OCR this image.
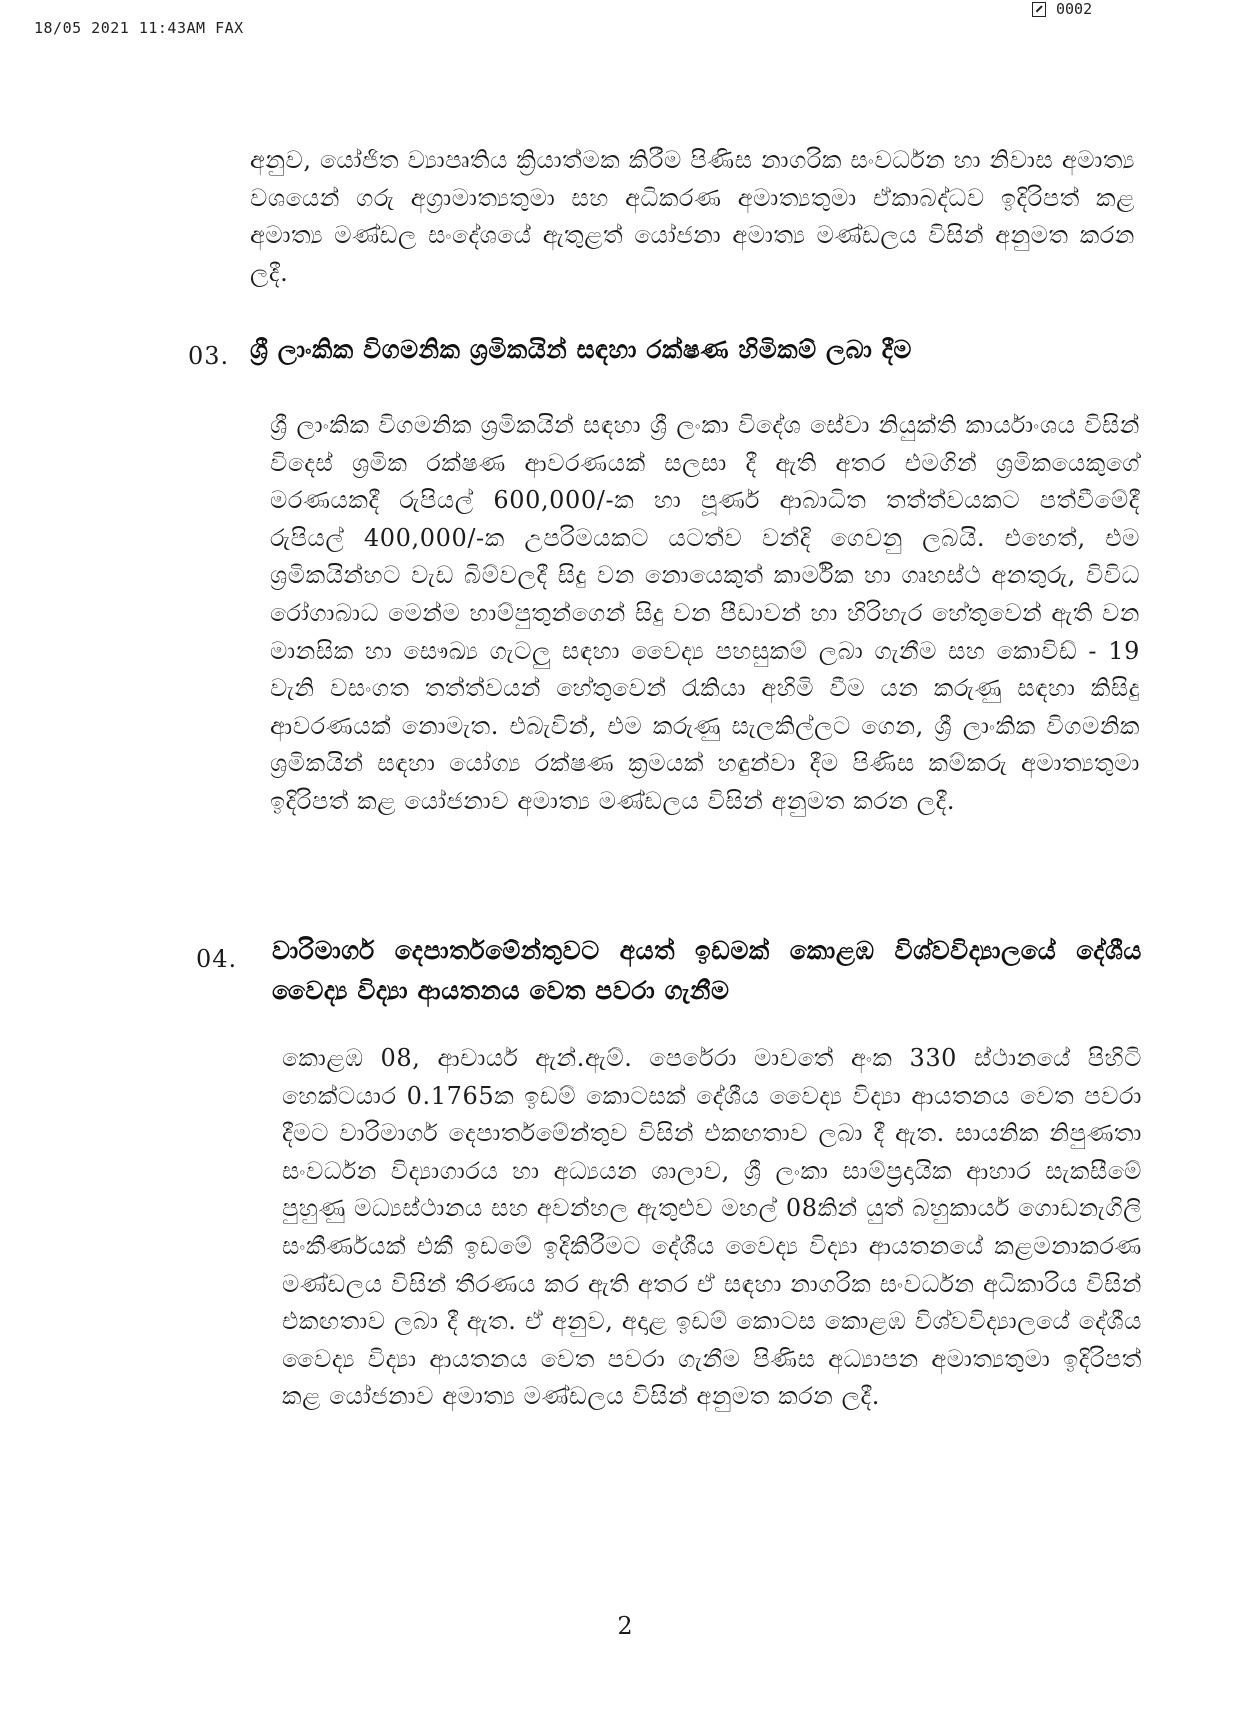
18/05 2021 11:43AM FAX
0002
අනුව, යෝජිත ව්‍යාපෘතිය ක්‍රියාත්මක කිරීම පිණිස නාගරික සංවර්ධන හා නිවාස අමාත්‍ය වශයෙන් ගරු අග්‍රාමාත්‍යතුමා සහ අධිකරණ අමාත්‍යතුමා ඒකාබද්ධව ඉදිරිපත් කළ අමාත්‍ය මණ්ඩල සංදේශයේ ඇතුළත් යෝජනා අමාත්‍ය මණ්ඩලය විසින් අනුමත කරන ලදී.
03. ශ්‍රී ලාංකික විගමනික ශ්‍රමිකයින් සඳහා රක්ෂණ හිමිකම් ලබා දීම
ශ්‍රී ලාංකික විගමනික ශ්‍රමිකයින් සඳහා ශ්‍රී ලංකා විදේශ සේවා නියුක්ති කාර්යාංශය විසින් විදෙස් ශ්‍රමික රක්ෂණ ආවරණයක් සලසා දී ඇති අතර එමගින් ශ්‍රමිකයෙකුගේ මරණයකදී රුපියල් 600,000/-ක හා පූර්ණ ආබාධිත තත්ත්වයකට පත්වීමේදී රුපියල් 400,000/-ක උපරිමයකට යටත්ව වන්දි ගෙවනු ලබයි. එහෙත්, එම ශ්‍රමිකයින්හට වැඩ බිම්වලදී සිදු වන නොයෙකුත් කාර්මික හා ගෘහස්ථ අනතුරු, විවිධ රෝගාබාධ මෙන්ම හාම්පුතුන්ගෙන් සිදු වන පීඩාවන් හා හිරිහැර හේතුවෙන් ඇති වන මානසික හා සෞඛ්‍ය ගැටලු සඳහා වෛද්‍ය පහසුකම් ලබා ගැනීම සහ කොවිඩ් - 19 වැනි වසංගත තත්ත්වයන් හේතුවෙන් රැකියා අහිමි වීම යන කරුණු සඳහා කිසිදු ආවරණයක් නොමැත. එබැවින්, එම කරුණු සැලකිල්ලට ගෙන, ශ්‍රී ලාංකික විගමනික ශ්‍රමිකයින් සඳහා යෝග්‍ය රක්ෂණ ක්‍රමයක් හඳුන්වා දීම පිණිස කම්කරු අමාත්‍යතුමා ඉදිරිපත් කළ යෝජනාව අමාත්‍ය මණ්ඩලය විසින් අනුමත කරන ලදී.
04. වාරිමාර්ග දෙපාර්තමේන්තුවට අයත් ඉඩමක් කොළඹ විශ්වවිද්‍යාලයේ දේශීය වෛද්‍ය විද්‍යා ආයතනය වෙත පවරා ගැනීම
කොළඹ 08, ආචාර්ය ඇන්.ඇම්. පෙරේරා මාවතේ අංක 330 ස්ථානයේ පිහිටි හෙක්ටයාර 0.1765ක ඉඩම් කොටසක් දේශීය වෛද්‍ය විද්‍යා ආයතනය වෙත පවරා දීමට වාරිමාර්ග දෙපාර්තමේන්තුව විසින් එකඟතාව ලබා දී ඇත. සායනික නිපුණතා සංවර්ධන විද්‍යාගාරය හා අධ්‍යයන ශාලාව, ශ්‍රී ලංකා සාම්ප්‍රදායික ආහාර සැකසීමේ පුහුණු මධ්‍යස්ථානය සහ අවන්හල ඇතුළුව මහල් 08කින් යුත් බහුකාර්ය ගොඩනැගිලි සංකීර්ණයක් එකී ඉඩමේ ඉදිකිරීමට දේශීය වෛද්‍ය විද්‍යා ආයතනයේ කළමනාකරණ මණ්ඩලය විසින් තීරණය කර ඇති අතර ඒ සඳහා නාගරික සංවර්ධන අධිකාරිය විසින් එකඟතාව ලබා දී ඇත. ඒ අනුව, අදාළ ඉඩම් කොටස කොළඹ විශ්වවිද්‍යාලයේ දේශීය වෛද්‍ය විද්‍යා ආයතනය වෙත පවරා ගැනීම පිණිස අධ්‍යාපන අමාත්‍යතුමා ඉදිරිපත් කළ යෝජනාව අමාත්‍ය මණ්ඩලය විසින් අනුමත කරන ලදී.
2
